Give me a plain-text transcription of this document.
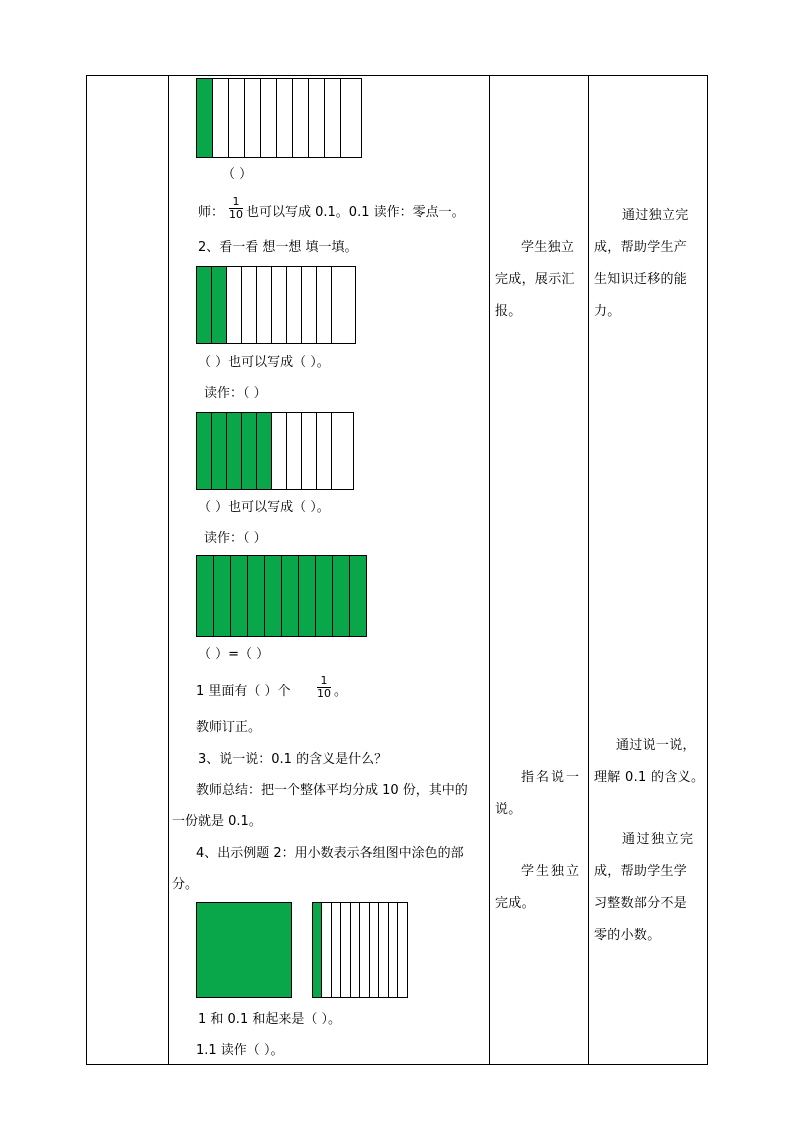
（ ）
师： $\frac{1}{10}$ 也可以写成 0.1。0.1 读作：零点一。
2、看一看 想一想 填一填。
（ ）也可以写成（ ）。
读作：（ ）
（ ）也可以写成（ ）。
读作：（ ）
（ ）=（ ）
1 里面有（ ）个 $\frac{1}{10}$ 。
教师订正。
3、说一说：0.1 的含义是什么？
教师总结：把一个整体平均分成 10 份，其中的
一份就是 0.1。
4、出示例题 2：用小数表示各组图中涂色的部
分。
1 和 0.1 和起来是（ ）。
1.1 读作（ ）。
学生独立
完成，展示汇
报。
指名说一
说。
学生独立
完成。
通过独立完
成，帮助学生产
生知识迁移的能
力。
通过说一说，
理解 0.1 的含义。
通过独立完
成，帮助学生学
习整数部分不是
零的小数。
